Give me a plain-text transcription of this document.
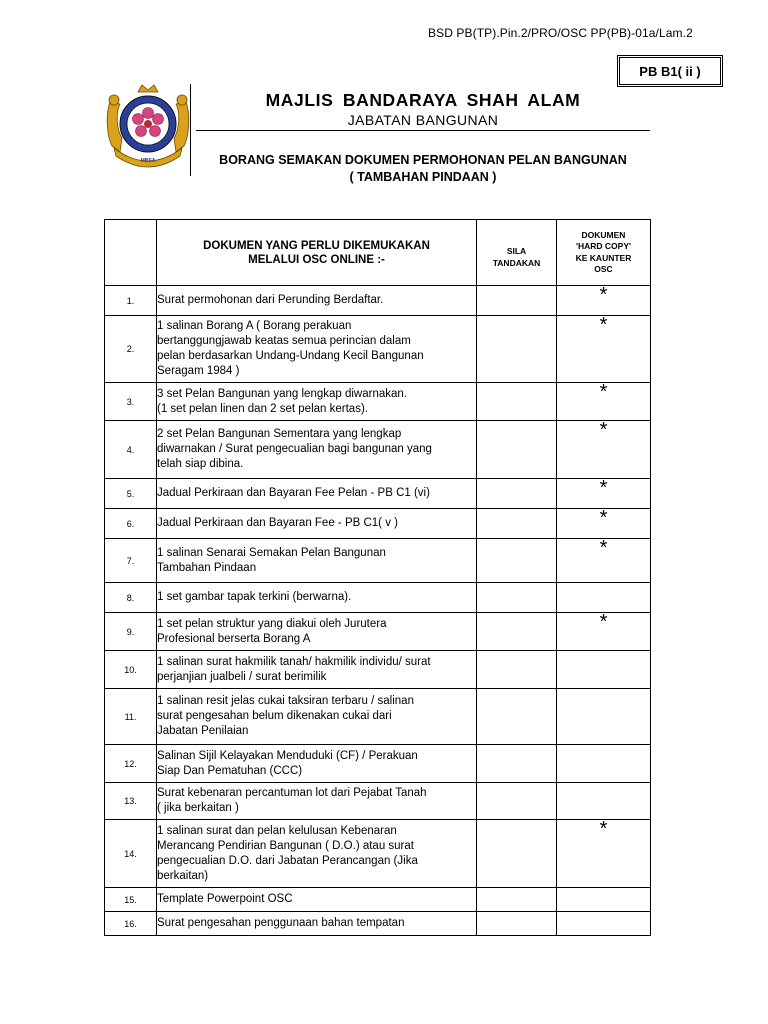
BSD PB(TP).Pin.2/PRO/OSC PP(PB)-01a/Lam.2
PB B1( ii )
MBSA
MAJLIS BANDARAYA SHAH ALAM
JABATAN BANGUNAN
BORANG SEMAKAN DOKUMEN PERMOHONAN PELAN BANGUNAN
( TAMBAHAN PINDAAN )
	DOKUMEN YANG PERLU DIKEMUKAKAN
MELALUI OSC ONLINE :-	SILA
TANDAKAN	DOKUMEN
'HARD COPY'
KE KAUNTER
OSC
1.	Surat permohonan dari Perunding Berdaftar.		*
2.	1 salinan Borang A ( Borang perakuan
bertanggungjawab keatas semua perincian dalam
pelan berdasarkan Undang-Undang Kecil Bangunan
Seragam 1984 )		*
3.	3 set Pelan Bangunan yang lengkap diwarnakan.
(1 set pelan linen dan 2 set pelan kertas).		*
4.	2 set Pelan Bangunan Sementara yang lengkap
diwarnakan / Surat pengecualian bagi bangunan yang
telah siap dibina.		*
5.	Jadual Perkiraan dan Bayaran Fee Pelan - PB C1 (vi)		*
6.	Jadual Perkiraan dan Bayaran Fee - PB C1( v )		*
7.	1 salinan Senarai Semakan Pelan Bangunan
Tambahan Pindaan		*
8.	1 set gambar tapak terkini (berwarna).		
9.	1 set pelan struktur yang diakui oleh Jurutera
Profesional berserta Borang A		*
10.	1 salinan surat hakmilik tanah/ hakmilik individu/ surat
perjanjian jualbeli / surat berimilik		
11.	1 salinan resit jelas cukai taksiran terbaru / salinan
surat pengesahan belum dikenakan cukai dari
Jabatan Penilaian		
12.	Salinan Sijil Kelayakan Menduduki (CF) / Perakuan
Siap Dan Pematuhan (CCC)		
13.	Surat kebenaran percantuman lot dari Pejabat Tanah
( jika berkaitan )		
14.	1 salinan surat dan pelan kelulusan Kebenaran
Merancang Pendirian Bangunan ( D.O.) atau surat
pengecualian D.O. dari Jabatan Perancangan (Jika
berkaitan)		*
15.	Template Powerpoint OSC		
16.	Surat pengesahan penggunaan bahan tempatan		
